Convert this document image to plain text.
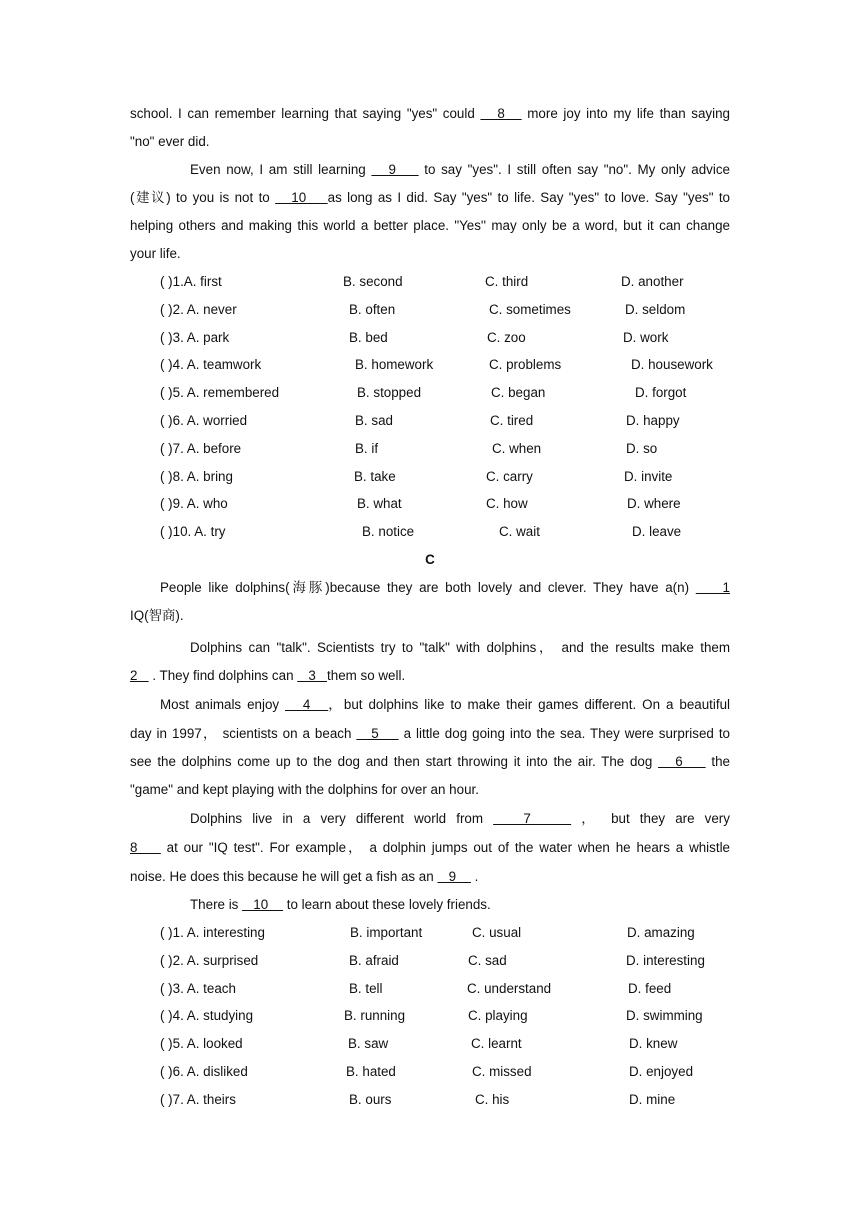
school. I can remember learning that saying "yes" could    8    more joy into my life than saying
"no" ever did.
Even now, I am still learning    9     to say "yes". I still often say "no". My only advice
(建议) to you is not to    10    as long as I did. Say "yes" to life. Say "yes" to love. Say "yes" to
helping others and making this world a better place. "Yes'' may only be a word, but it can change
your life.
( )1.A. first	B. second	C. third	D. another
( )2. A. never	B. often	C. sometimes	D. seldom
( )3. A. park	B. bed	C. zoo	D. work
( )4. A. teamwork	B. homework	C. problems	D. housework
( )5. A. remembered	B. stopped	C. began	D. forgot
( )6. A. worried	B. sad	C. tired	D. happy
( )7. A. before	B. if	C. when	D. so
( )8. A. bring	B. take	C. carry	D. invite
( )9. A. who	B. what	C. how	D. where
( )10. A. try	B. notice	C. wait	D. leave
C
People like dolphins(海豚)because they are both lovely and clever. They have a(n)     1
IQ(智商).
Dolphins can "talk". Scientists try to "talk" with dolphins， and the results make them
2    . They find dolphins can    3   them so well.
Most animals enjoy    4   ，but dolphins like to make their games different. On a beautiful
day in 1997， scientists on a beach    5     a little dog going into the sea. They were surprised to
see the dolphins come up to the dog and then start throwing it into the air. The dog    6     the
"game" and kept playing with the dolphins for over an hour.
Dolphins live in a very different world from    7     ， but they are very
8     at our "IQ test". For example， a dolphin jumps out of the water when he hears a whistle
noise. He does this because he will get a fish as an    9     .
There is    10     to learn about these lovely friends.
( )1. A. interesting	B. important	C. usual	D. amazing
( )2. A. surprised	B. afraid	C. sad	D. interesting
( )3. A. teach	B. tell	C. understand	D. feed
( )4. A. studying	B. running	C. playing	D. swimming
( )5. A. looked	B. saw	C. learnt	D. knew
( )6. A. disliked	B. hated	C. missed	D. enjoyed
( )7. A. theirs	B. ours	C. his	D. mine
